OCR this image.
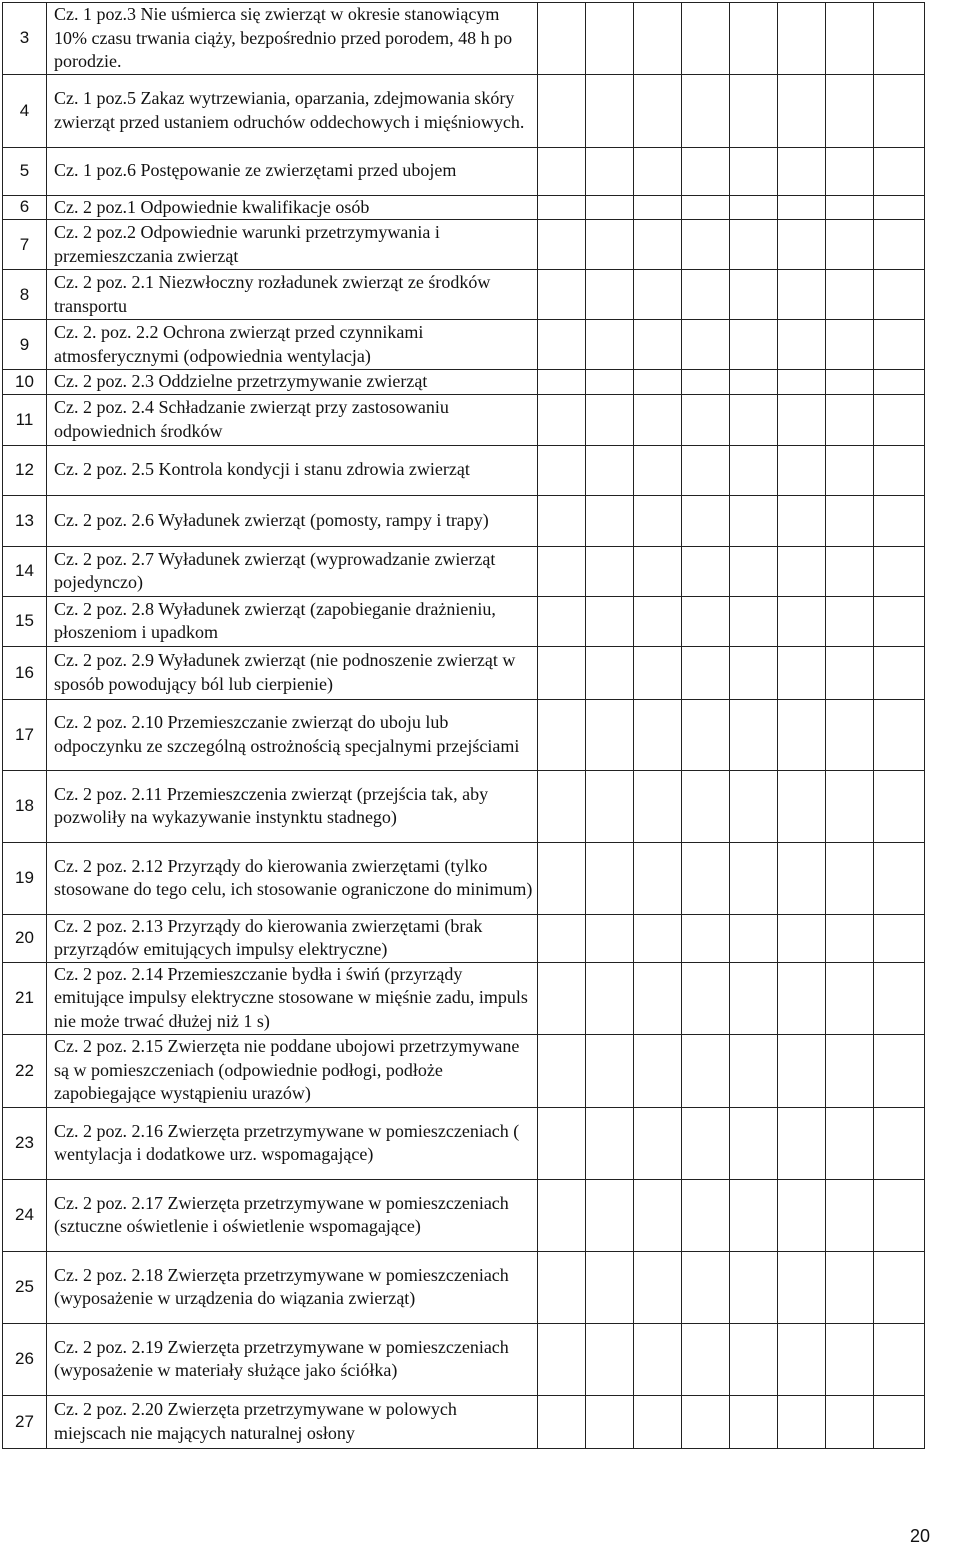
3	Cz. 1 poz.3 Nie uśmierca się zwierząt w okresie stanowiącym 10% czasu trwania ciąży, bezpośrednio przed porodem, 48 h po porodzie.								
4	Cz. 1 poz.5 Zakaz wytrzewiania, oparzania, zdejmowania skóry zwierząt przed ustaniem odruchów oddechowych i mięśniowych.								
5	Cz. 1 poz.6 Postępowanie ze zwierzętami przed ubojem								
6	Cz. 2 poz.1 Odpowiednie kwalifikacje osób								
7	Cz. 2 poz.2 Odpowiednie warunki przetrzymywania i przemieszczania zwierząt								
8	Cz. 2 poz. 2.1 Niezwłoczny rozładunek zwierząt ze środków transportu								
9	Cz. 2. poz. 2.2 Ochrona zwierząt przed czynnikami atmosferycznymi (odpowiednia wentylacja)								
10	Cz. 2 poz. 2.3 Oddzielne przetrzymywanie zwierząt								
11	Cz. 2 poz. 2.4 Schładzanie zwierząt przy zastosowaniu odpowiednich środków								
12	Cz. 2 poz. 2.5 Kontrola kondycji i stanu zdrowia zwierząt								
13	Cz. 2 poz. 2.6 Wyładunek zwierząt (pomosty, rampy i trapy)								
14	Cz. 2 poz. 2.7 Wyładunek zwierząt (wyprowadzanie zwierząt pojedynczo)								
15	Cz. 2 poz. 2.8 Wyładunek zwierząt (zapobieganie drażnieniu, płoszeniom i upadkom								
16	Cz. 2 poz. 2.9 Wyładunek zwierząt (nie podnoszenie zwierząt w sposób powodujący ból lub cierpienie)								
17	Cz. 2 poz. 2.10 Przemieszczanie zwierząt do uboju lub odpoczynku ze szczególną ostrożnością specjalnymi przejściami								
18	Cz. 2 poz. 2.11 Przemieszczenia zwierząt (przejścia tak, aby pozwoliły na wykazywanie instynktu stadnego)								
19	Cz. 2 poz. 2.12 Przyrządy do kierowania zwierzętami (tylko stosowane do tego celu, ich stosowanie ograniczone do minimum)								
20	Cz. 2 poz. 2.13 Przyrządy do kierowania zwierzętami (brak przyrządów emitujących impulsy elektryczne)								
21	Cz. 2 poz. 2.14 Przemieszczanie bydła i świń (przyrządy emitujące impulsy elektryczne stosowane w mięśnie zadu, impuls nie może trwać dłużej niż 1 s)								
22	Cz. 2 poz. 2.15 Zwierzęta nie poddane ubojowi przetrzymywane są w pomieszczeniach (odpowiednie podłogi, podłoże zapobiegające wystąpieniu urazów)								
23	Cz. 2 poz. 2.16 Zwierzęta przetrzymywane w pomieszczeniach ( wentylacja i dodatkowe urz. wspomagające)								
24	Cz. 2 poz. 2.17 Zwierzęta przetrzymywane w pomieszczeniach (sztuczne oświetlenie i oświetlenie wspomagające)								
25	Cz. 2 poz. 2.18 Zwierzęta przetrzymywane w pomieszczeniach (wyposażenie w urządzenia do wiązania zwierząt)								
26	Cz. 2 poz. 2.19 Zwierzęta przetrzymywane w pomieszczeniach (wyposażenie w materiały służące jako ściółka)								
27	Cz. 2 poz. 2.20 Zwierzęta przetrzymywane w polowych miejscach nie mających naturalnej osłony								
20
